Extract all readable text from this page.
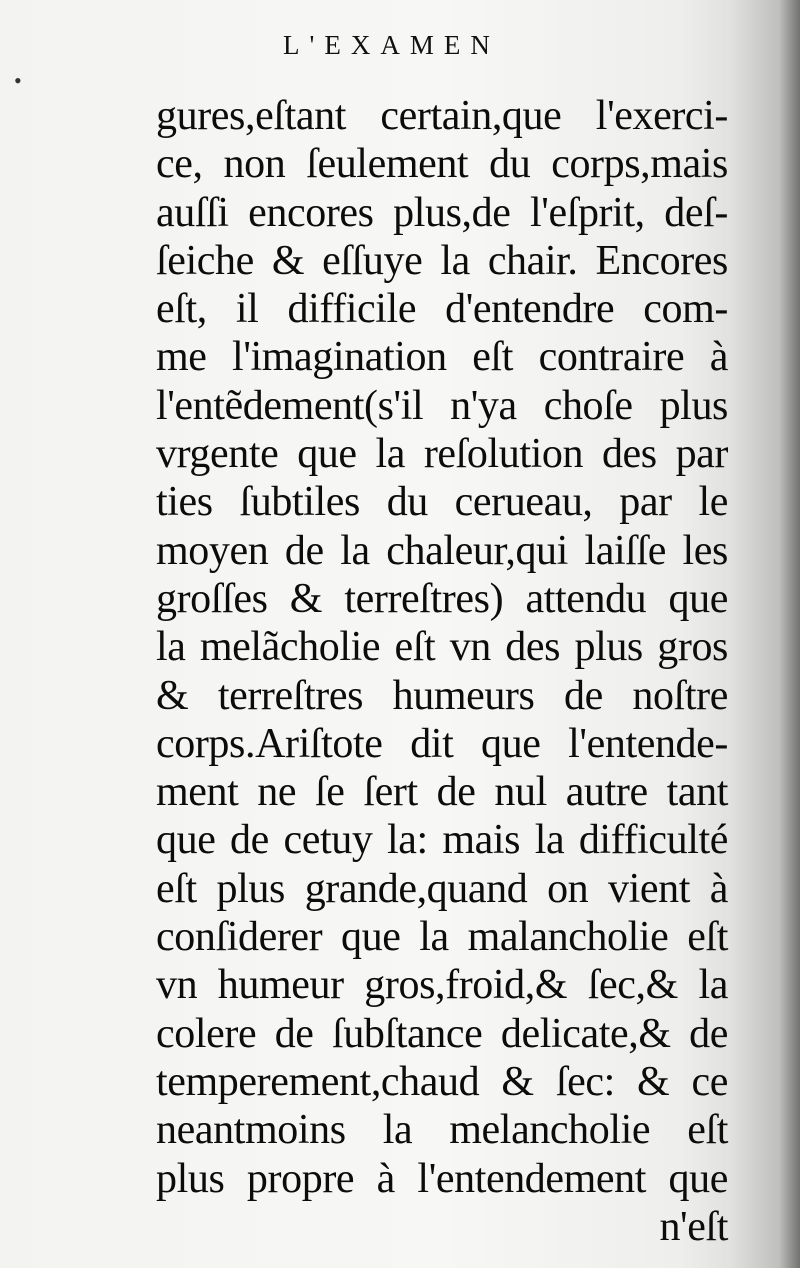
•
L'EXAMEN
gures,eſtant certain,que l'exerci-
ce, non ſeulement du corps,mais
auſſi encores plus,de l'eſprit, deſ-
ſeiche & eſſuye la chair. Encores
eſt, il difficile d'entendre com-
me l'imagination eſt contraire à
l'entẽdement(s'il n'ya choſe plus
vrgente que la reſolution des par
ties ſubtiles du cerueau, par le
moyen de la chaleur,qui laiſſe les
groſſes & terreſtres) attendu que
la melãcholie eſt vn des plus gros
& terreſtres humeurs de noſtre
corps.Ariſtote dit que l'entende-
ment ne ſe ſert de nul autre tant
que de cetuy la: mais la difficulté
eſt plus grande,quand on vient à
conſiderer que la malancholie eſt
vn humeur gros,froid,& ſec,& la
colere de ſubſtance delicate,& de
temperement,chaud & ſec: & ce
neantmoins la melancholie eſt
plus propre à l'entendement que
n'eſt
